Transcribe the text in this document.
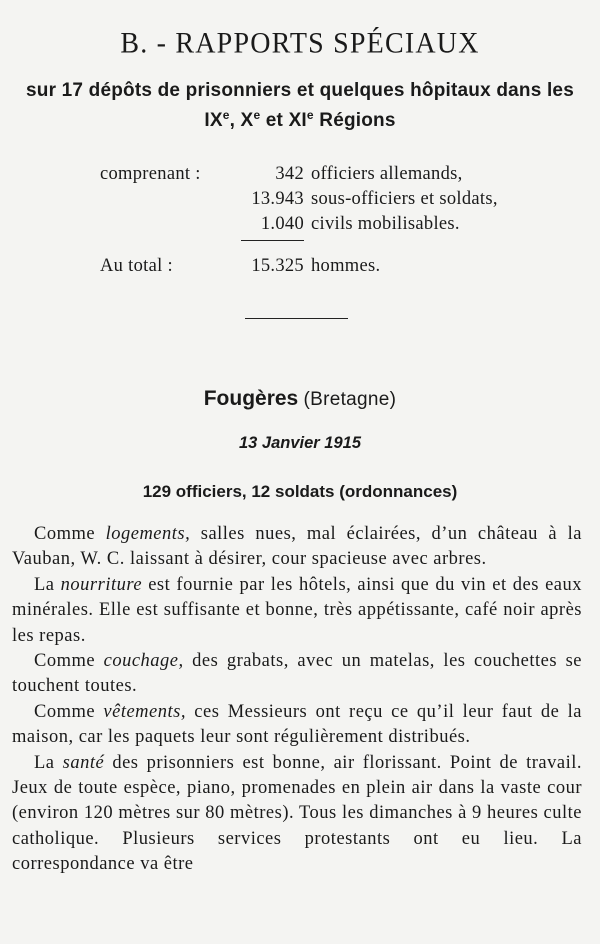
B. - RAPPORTS SPÉCIAUX
sur 17 dépôts de prisonniers et quelques hôpitaux dans les
IXe, Xe et XIe Régions
comprenant :	342 officiers allemands,
13.943 sous-officiers et soldats,
1.040 civils mobilisables.
Au total :	15.325 hommes.
Fougères (Bretagne)
13 Janvier 1915
129 officiers, 12 soldats (ordonnances)

Comme logements, salles nues, mal éclairées, d’un château à la Vauban, W. C. laissant à désirer, cour spacieuse avec arbres.

La nourriture est fournie par les hôtels, ainsi que du vin et des eaux minérales. Elle est suffisante et bonne, très appétissante, café noir après les repas.

Comme couchage, des grabats, avec un matelas, les couchettes se touchent toutes.

Comme vêtements, ces Messieurs ont reçu ce qu’il leur faut de la maison, car les paquets leur sont régulièrement distribués.

La santé des prisonniers est bonne, air florissant. Point de travail. Jeux de toute espèce, piano, promenades en plein air dans la vaste cour (environ 120 mètres sur 80 mètres). Tous les dimanches à 9 heures culte catholique. Plusieurs services protestants ont eu lieu. La correspondance va être
